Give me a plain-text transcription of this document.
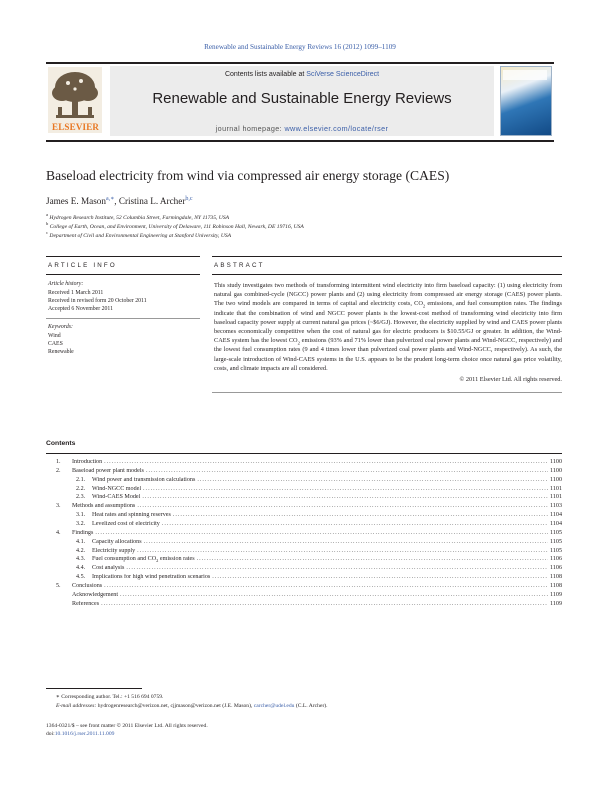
Renewable and Sustainable Energy Reviews 16 (2012) 1099–1109
ELSEVIER
Contents lists available at SciVerse ScienceDirect
Renewable and Sustainable Energy Reviews
journal homepage: www.elsevier.com/locate/rser
Baseload electricity from wind via compressed air energy storage (CAES)
James E. Mason$^{a,∗}$, Cristina L. Archer$^{b,c}$
$^a$ Hydrogen Research Institute, 52 Columbia Street, Farmingdale, NY 11735, USA
$^b$ College of Earth, Ocean, and Environment, University of Delaware, 111 Robinson Hall, Newark, DE 19716, USA
$^c$ Department of Civil and Environmental Engineering at Stanford University, USA
ARTICLE INFO
Article history:
Received 1 March 2011
Received in revised form 20 October 2011
Accepted 6 November 2011
Keywords:
Wind
CAES
Renewable
ABSTRACT
This study investigates two methods of transforming intermittent wind electricity into firm baseload capacity: (1) using electricity from natural gas combined-cycle (NGCC) power plants and (2) using electricity from compressed air energy storage (CAES) power plants. The two wind models are compared in terms of capital and electricity costs, $CO_2$ emissions, and fuel consumption rates. The findings indicate that the combination of wind and NGCC power plants is the lowest-cost method of transforming wind electricity into firm baseload capacity power supply at current natural gas prices (~$6/GJ). However, the electricity supplied by wind and CAES power plants becomes economically competitive when the cost of natural gas for electric producers is $10.55/GJ or greater. In addition, the Wind-CAES system has the lowest $CO_2$ emissions (93% and 71% lower than pulverized coal power plants and Wind-NGCC, respectively) and the lowest fuel consumption rates (9 and 4 times lower than pulverized coal power plants and Wind-NGCC, respectively). As such, the large-scale introduction of Wind-CAES systems in the U.S. appears to be the prudent long-term choice once natural gas price volatility, costs, and climate impacts are all considered.
© 2011 Elsevier Ltd. All rights reserved.
Contents
1.	Introduction .....	1100
2.	Baseload power plant models .....	1100
2.1.	Wind power and transmission calculations .....	1100
2.2.	Wind-NGCC model .....	1101
2.3.	Wind-CAES Model .....	1101
3.	Methods and assumptions .....	1103
3.1.	Heat rates and spinning reserves .....	1104
3.2.	Levelized cost of electricity .....	1104
4.	Findings .....	1105
4.1.	Capacity allocations .....	1105
4.2.	Electricity supply .....	1105
4.3.	Fuel consumption and $CO_2$ emission rates .....	1106
4.4.	Cost analysis .....	1106
4.5.	Implications for high wind penetration scenarios .....	1108
5.	Conclusions .....	1108
Acknowledgement .....	1109
References .....	1109
∗ Corresponding author. Tel.: +1 516 694 0759.
E-mail addresses: hydrogenresearch@verizon.net, cjjmason@verizon.net (J.E. Mason), carcher@udel.edu (C.L. Archer).
1364-0321/$ – see front matter © 2011 Elsevier Ltd. All rights reserved.
doi:10.1016/j.rser.2011.11.009
